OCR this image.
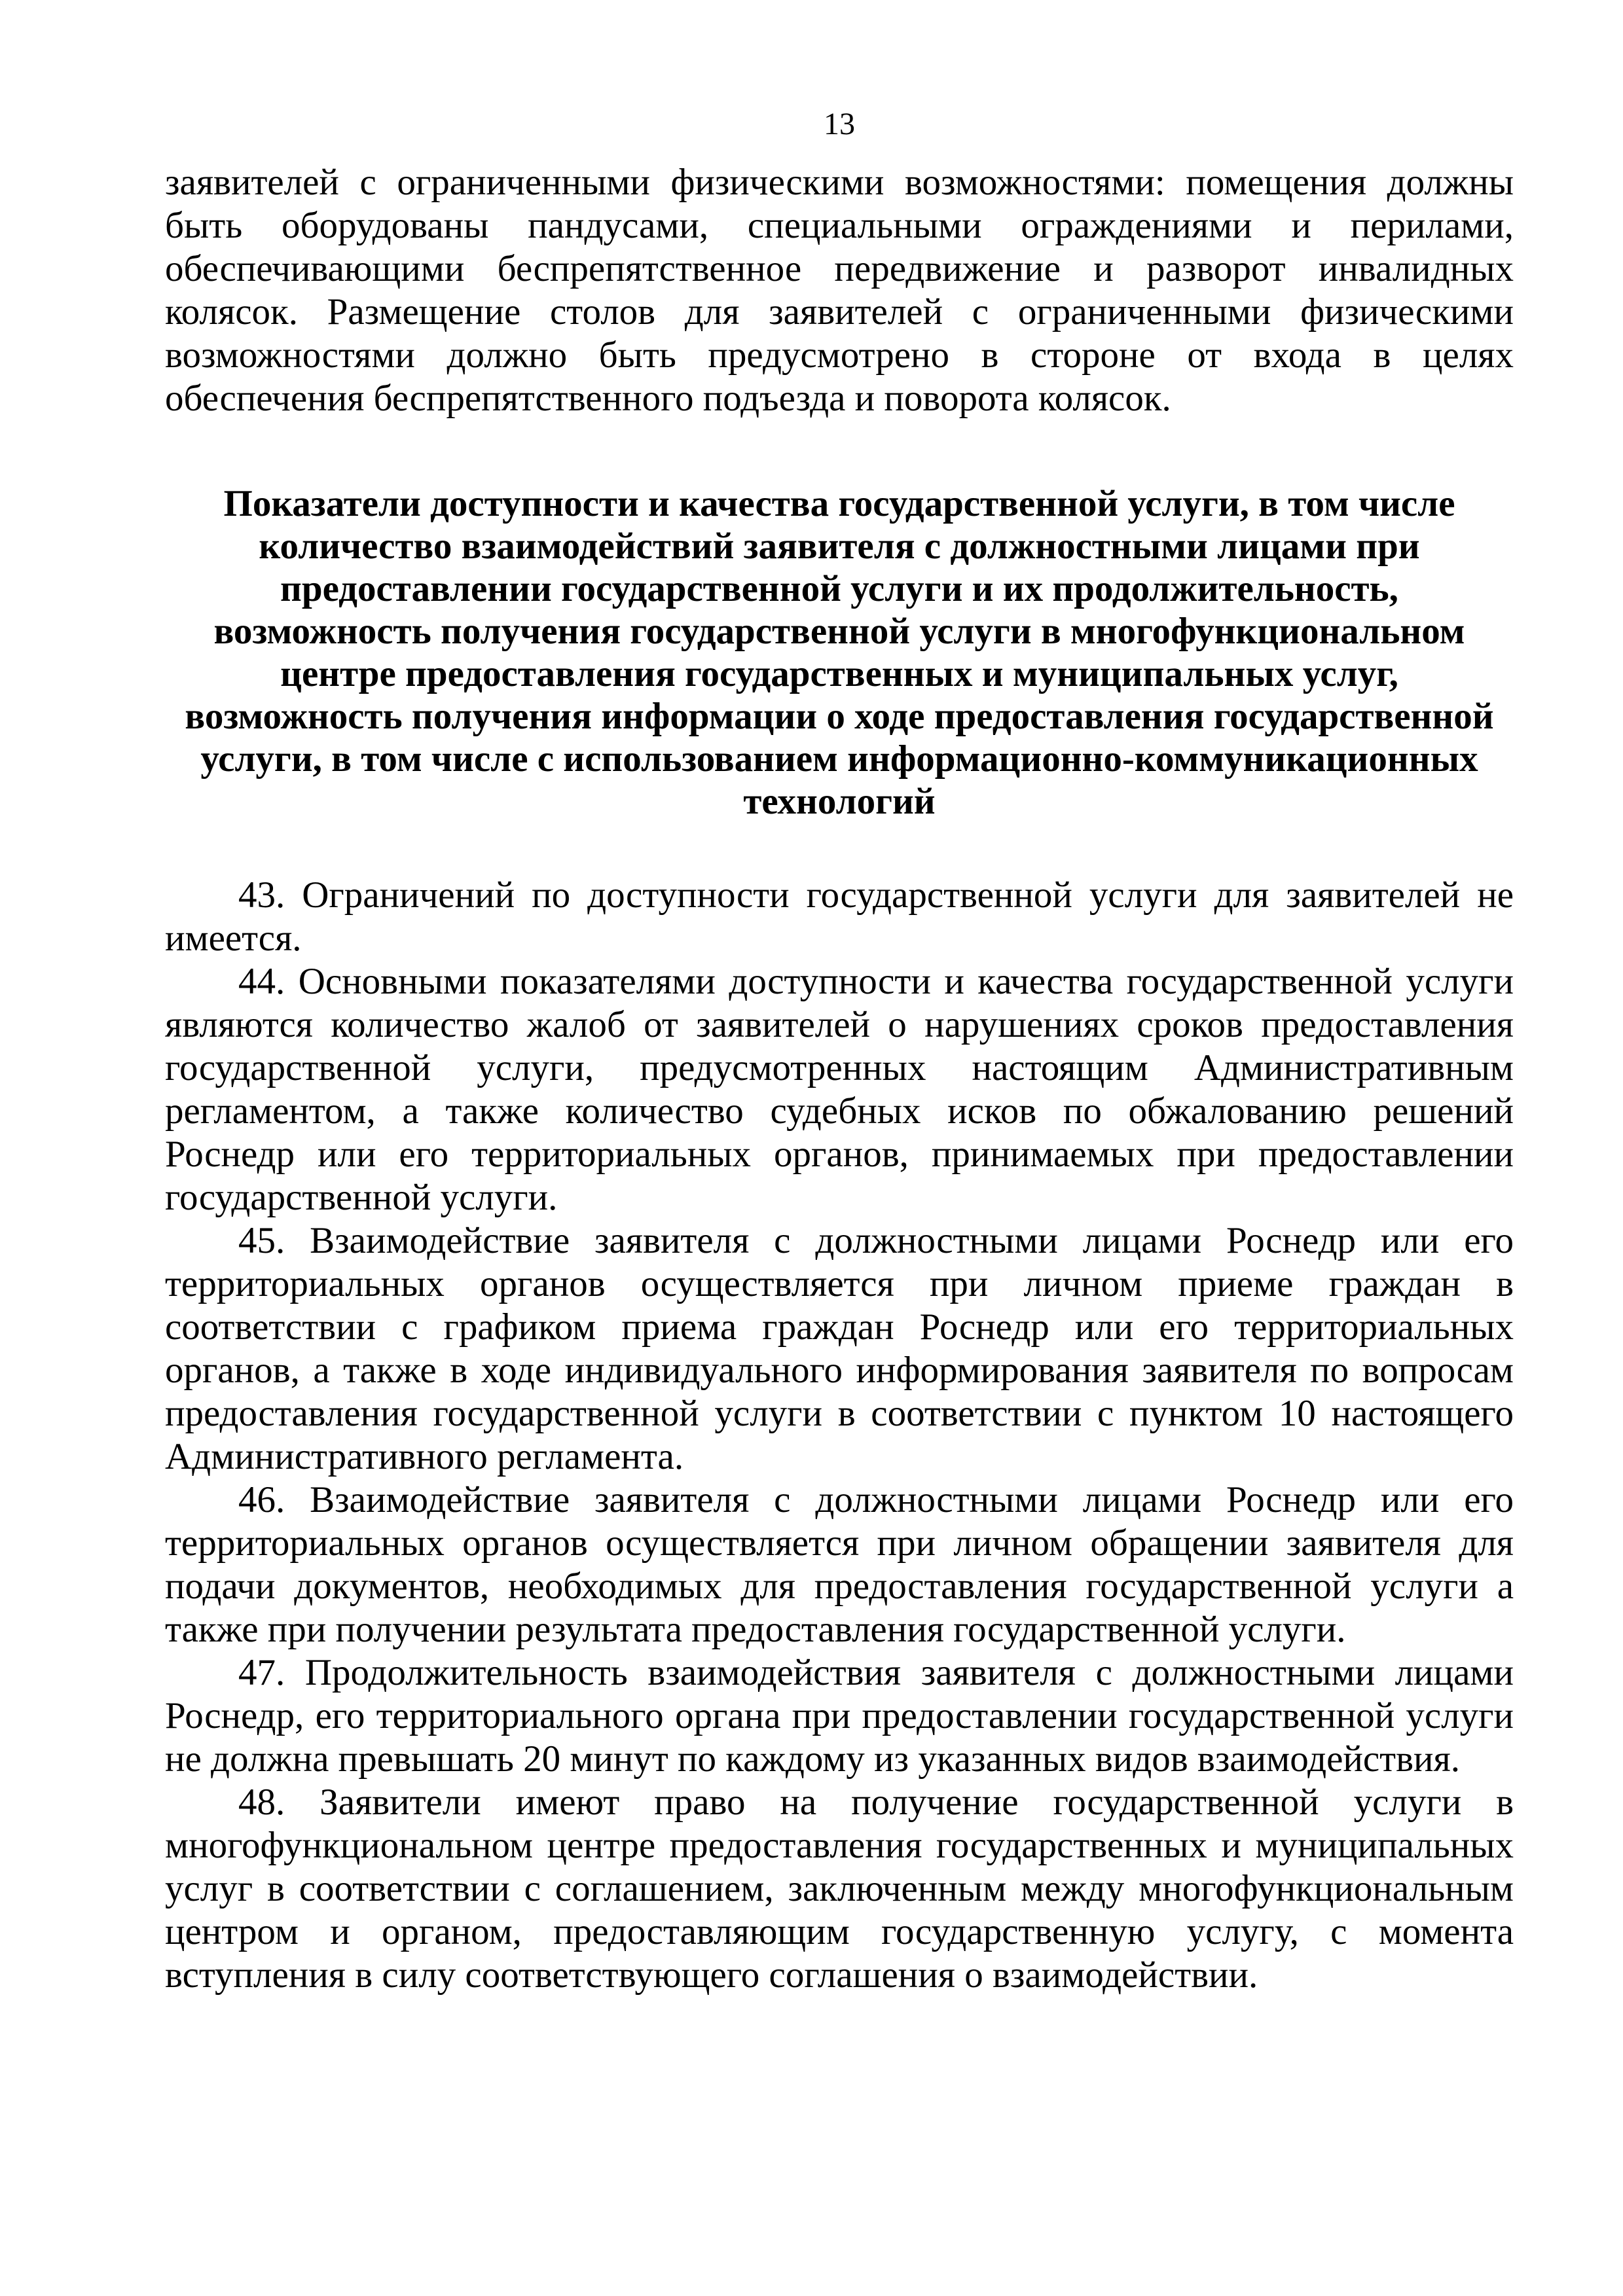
13

заявителей с ограниченными физическими возможностями: помещения должны быть оборудованы пандусами, специальными ограждениями и перилами, обеспечивающими беспрепятственное передвижение и разворот инвалидных колясок. Размещение столов для заявителей с ограниченными физическими возможностями должно быть предусмотрено в стороне от входа в целях обеспечения беспрепятственного подъезда и поворота колясок.

Показатели доступности и качества государственной услуги, в том числе
количество взаимодействий заявителя с должностными лицами при
предоставлении государственной услуги и их продолжительность,
возможность получения государственной услуги в многофункциональном
центре предоставления государственных и муниципальных услуг,
возможность получения информации о ходе предоставления государственной
услуги, в том числе с использованием информационно-коммуникационных
технологий

43. Ограничений по доступности государственной услуги для заявителей не имеется.

44. Основными показателями доступности и качества государственной услуги являются количество жалоб от заявителей о нарушениях сроков предоставления государственной услуги, предусмотренных настоящим Административным регламентом, а также количество судебных исков по обжалованию решений Роснедр или его территориальных органов, принимаемых при предоставлении государственной услуги.

45. Взаимодействие заявителя с должностными лицами Роснедр или его территориальных органов осуществляется при личном приеме граждан в соответствии с графиком приема граждан Роснедр или его территориальных органов, а также в ходе индивидуального информирования заявителя по вопросам предоставления государственной услуги в соответствии с пунктом 10 настоящего Административного регламента.

46. Взаимодействие заявителя с должностными лицами Роснедр или его территориальных органов осуществляется при личном обращении заявителя для подачи документов, необходимых для предоставления государственной услуги а также при получении результата предоставления государственной услуги.

47. Продолжительность взаимодействия заявителя с должностными лицами Роснедр, его территориального органа при предоставлении государственной услуги не должна превышать 20 минут по каждому из указанных видов взаимодействия.

48. Заявители имеют право на получение государственной услуги в многофункциональном центре предоставления государственных и муниципальных услуг в соответствии с соглашением, заключенным между многофункциональным центром и органом, предоставляющим государственную услугу, с момента вступления в силу соответствующего соглашения о взаимодействии.
